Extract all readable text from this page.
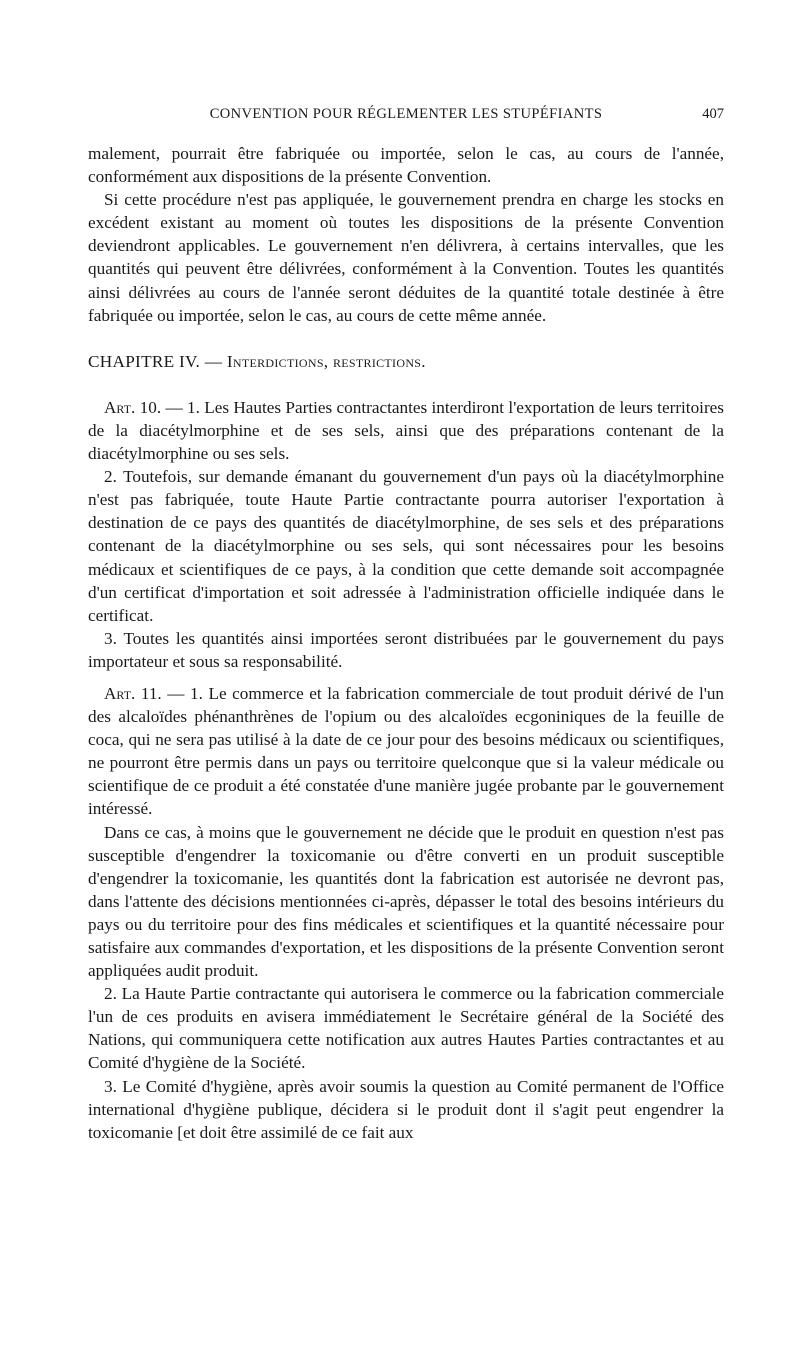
CONVENTION POUR RÉGLEMENTER LES STUPÉFIANTS	407

malement, pourrait être fabriquée ou importée, selon le cas, au cours de l'année, conformément aux dispositions de la présente Convention.

Si cette procédure n'est pas appliquée, le gouvernement prendra en charge les stocks en excédent existant au moment où toutes les dispositions de la présente Convention deviendront applicables. Le gouvernement n'en délivrera, à certains intervalles, que les quantités qui peuvent être délivrées, conformément à la Convention. Toutes les quantités ainsi délivrées au cours de l'année seront déduites de la quantité totale destinée à être fabriquée ou importée, selon le cas, au cours de cette même année.

CHAPITRE IV. — Interdictions, restrictions.

Art. 10. — 1. Les Hautes Parties contractantes interdiront l'exportation de leurs territoires de la diacétylmorphine et de ses sels, ainsi que des préparations contenant de la diacétylmorphine ou ses sels.

2. Toutefois, sur demande émanant du gouvernement d'un pays où la diacétylmorphine n'est pas fabriquée, toute Haute Partie contractante pourra autoriser l'exportation à destination de ce pays des quantités de diacétylmorphine, de ses sels et des préparations contenant de la diacétylmorphine ou ses sels, qui sont nécessaires pour les besoins médicaux et scientifiques de ce pays, à la condition que cette demande soit accompagnée d'un certificat d'importation et soit adressée à l'administration officielle indiquée dans le certificat.

3. Toutes les quantités ainsi importées seront distribuées par le gouvernement du pays importateur et sous sa responsabilité.

Art. 11. — 1. Le commerce et la fabrication commerciale de tout produit dérivé de l'un des alcaloïdes phénanthrènes de l'opium ou des alcaloïdes ecgoniniques de la feuille de coca, qui ne sera pas utilisé à la date de ce jour pour des besoins médicaux ou scientifiques, ne pourront être permis dans un pays ou territoire quelconque que si la valeur médicale ou scientifique de ce produit a été constatée d'une manière jugée probante par le gouvernement intéressé.

Dans ce cas, à moins que le gouvernement ne décide que le produit en question n'est pas susceptible d'engendrer la toxicomanie ou d'être converti en un produit susceptible d'engendrer la toxicomanie, les quantités dont la fabrication est autorisée ne devront pas, dans l'attente des décisions mentionnées ci-après, dépasser le total des besoins intérieurs du pays ou du territoire pour des fins médicales et scientifiques et la quantité nécessaire pour satisfaire aux commandes d'exportation, et les dispositions de la présente Convention seront appliquées audit produit.

2. La Haute Partie contractante qui autorisera le commerce ou la fabrication commerciale l'un de ces produits en avisera immédiatement le Secrétaire général de la Société des Nations, qui communiquera cette notification aux autres Hautes Parties contractantes et au Comité d'hygiène de la Société.

3. Le Comité d'hygiène, après avoir soumis la question au Comité permanent de l'Office international d'hygiène publique, décidera si le produit dont il s'agit peut engendrer la toxicomanie [et doit être assimilé de ce fait aux
